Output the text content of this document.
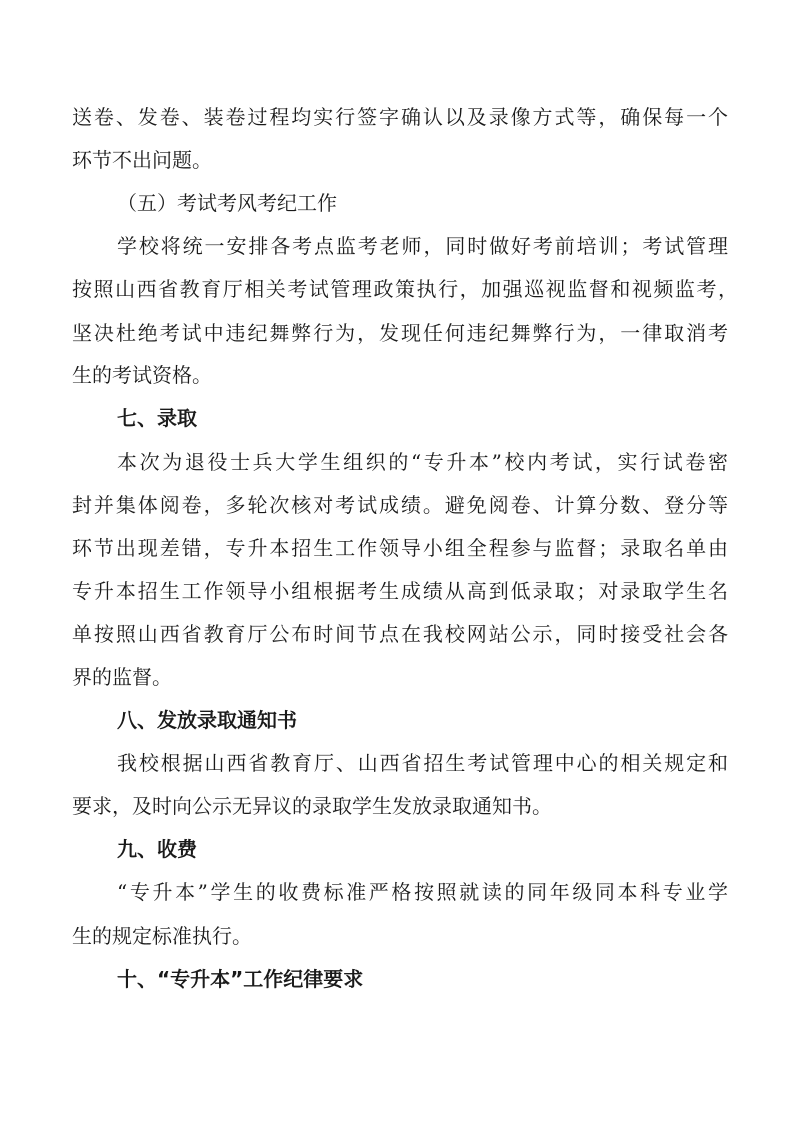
送卷、发卷、装卷过程均实行签字确认以及录像方式等，确保每一个
环节不出问题。
（五）考试考风考纪工作
学校将统一安排各考点监考老师，同时做好考前培训；考试管理
按照山西省教育厅相关考试管理政策执行，加强巡视监督和视频监考，
坚决杜绝考试中违纪舞弊行为，发现任何违纪舞弊行为，一律取消考
生的考试资格。
七、录取
本次为退役士兵大学生组织的“专升本”校内考试，实行试卷密
封并集体阅卷，多轮次核对考试成绩。避免阅卷、计算分数、登分等
环节出现差错，专升本招生工作领导小组全程参与监督；录取名单由
专升本招生工作领导小组根据考生成绩从高到低录取；对录取学生名
单按照山西省教育厅公布时间节点在我校网站公示，同时接受社会各
界的监督。
八、发放录取通知书
我校根据山西省教育厅、山西省招生考试管理中心的相关规定和
要求，及时向公示无异议的录取学生发放录取通知书。
九、收费
“专升本”学生的收费标准严格按照就读的同年级同本科专业学
生的规定标准执行。
十、“专升本”工作纪律要求
